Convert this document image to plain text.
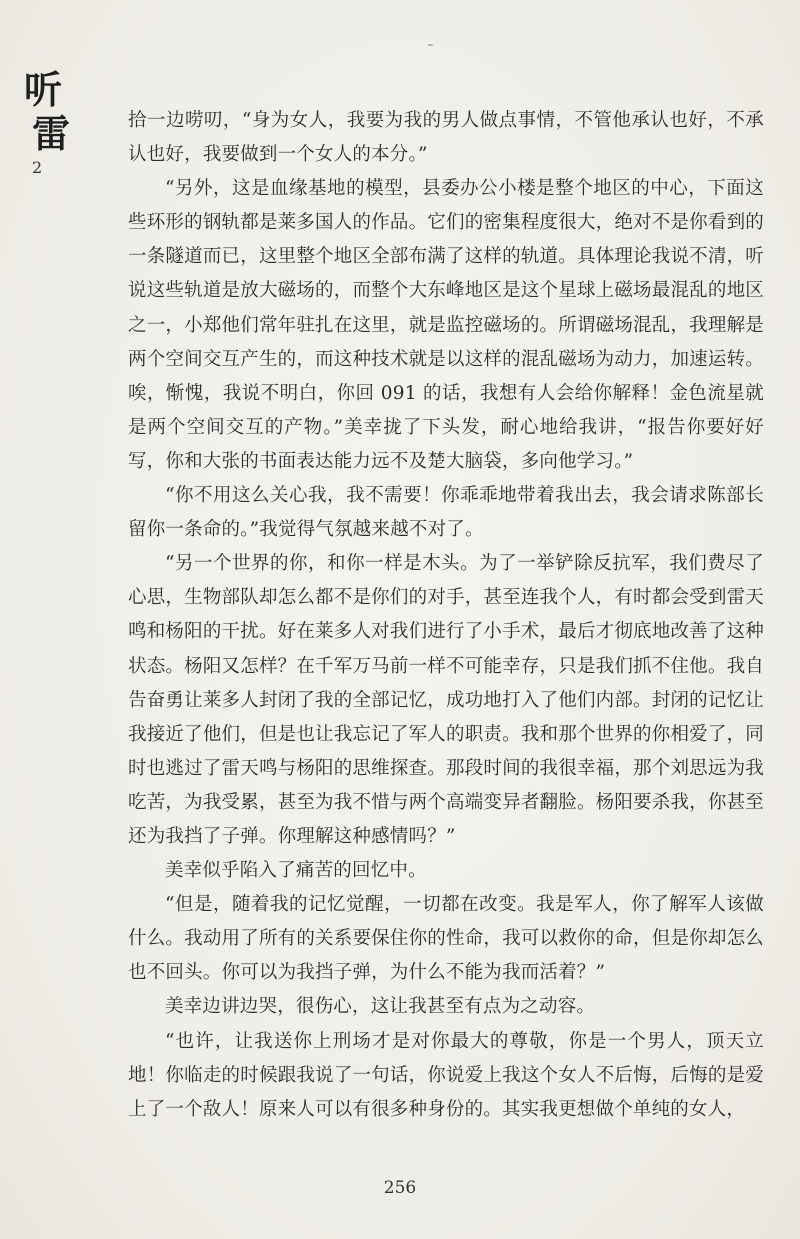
听
雷
2

拾一边唠叨，“身为女人，我要为我的男人做点事情，不管他承认也好，不承认也好，我要做到一个女人的本分。”

“另外，这是血缘基地的模型，县委办公小楼是整个地区的中心，下面这些环形的钢轨都是莱多国人的作品。它们的密集程度很大，绝对不是你看到的一条隧道而已，这里整个地区全部布满了这样的轨道。具体理论我说不清，听说这些轨道是放大磁场的，而整个大东峰地区是这个星球上磁场最混乱的地区之一，小郑他们常年驻扎在这里，就是监控磁场的。所谓磁场混乱，我理解是两个空间交互产生的，而这种技术就是以这样的混乱磁场为动力，加速运转。唉，惭愧，我说不明白，你回 091 的话，我想有人会给你解释！金色流星就是两个空间交互的产物。”美幸拢了下头发，耐心地给我讲，“报告你要好好写，你和大张的书面表达能力远不及楚大脑袋，多向他学习。”

“你不用这么关心我，我不需要！你乖乖地带着我出去，我会请求陈部长留你一条命的。”我觉得气氛越来越不对了。

“另一个世界的你，和你一样是木头。为了一举铲除反抗军，我们费尽了心思，生物部队却怎么都不是你们的对手，甚至连我个人，有时都会受到雷天鸣和杨阳的干扰。好在莱多人对我们进行了小手术，最后才彻底地改善了这种状态。杨阳又怎样？在千军万马前一样不可能幸存，只是我们抓不住他。我自告奋勇让莱多人封闭了我的全部记忆，成功地打入了他们内部。封闭的记忆让我接近了他们，但是也让我忘记了军人的职责。我和那个世界的你相爱了，同时也逃过了雷天鸣与杨阳的思维探查。那段时间的我很幸福，那个刘思远为我吃苦，为我受累，甚至为我不惜与两个高端变异者翻脸。杨阳要杀我，你甚至还为我挡了子弹。你理解这种感情吗？”

美幸似乎陷入了痛苦的回忆中。

“但是，随着我的记忆觉醒，一切都在改变。我是军人，你了解军人该做什么。我动用了所有的关系要保住你的性命，我可以救你的命，但是你却怎么也不回头。你可以为我挡子弹，为什么不能为我而活着？”

美幸边讲边哭，很伤心，这让我甚至有点为之动容。

“也许，让我送你上刑场才是对你最大的尊敬，你是一个男人，顶天立地！你临走的时候跟我说了一句话，你说爱上我这个女人不后悔，后悔的是爱上了一个敌人！原来人可以有很多种身份的。其实我更想做个单纯的女人，

256
